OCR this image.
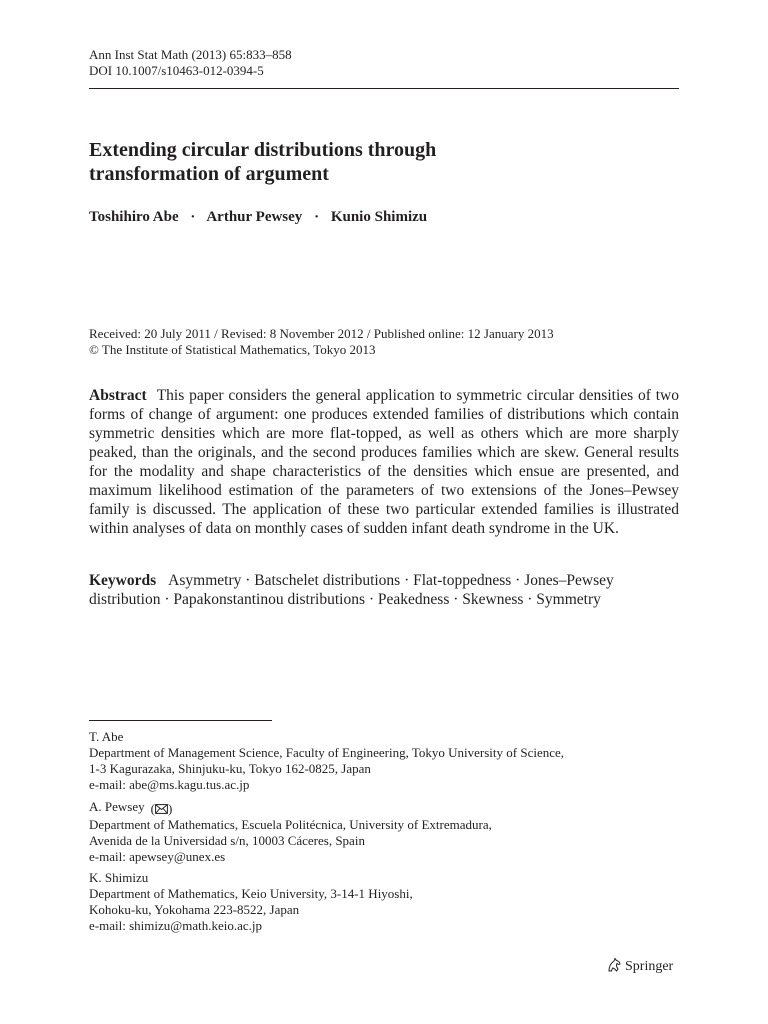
Ann Inst Stat Math (2013) 65:833–858
DOI 10.1007/s10463-012-0394-5
Extending circular distributions through
transformation of argument
Toshihiro Abe · Arthur Pewsey · Kunio Shimizu
Received: 20 July 2011 / Revised: 8 November 2012 / Published online: 12 January 2013
© The Institute of Statistical Mathematics, Tokyo 2013

Abstract This paper considers the general application to symmetric circular densities of two forms of change of argument: one produces extended families of distributions which contain symmetric densities which are more flat-topped, as well as others which are more sharply peaked, than the originals, and the second produces families which are skew. General results for the modality and shape characteristics of the densities which ensue are presented, and maximum likelihood estimation of the parameters of two extensions of the Jones–Pewsey family is discussed. The application of these two particular extended families is illustrated within analyses of data on monthly cases of sudden infant death syndrome in the UK.

Keywords Asymmetry · Batschelet distributions · Flat-toppedness · Jones–Pewsey distribution · Papakonstantinou distributions · Peakedness · Skewness · Symmetry

T. Abe
Department of Management Science, Faculty of Engineering, Tokyo University of Science,
1-3 Kagurazaka, Shinjuku-ku, Tokyo 162-0825, Japan
e-mail: abe@ms.kagu.tus.ac.jp
A. Pewsey ( )
Department of Mathematics, Escuela Politécnica, University of Extremadura,
Avenida de la Universidad s/n, 10003 Cáceres, Spain
e-mail: apewsey@unex.es
K. Shimizu
Department of Mathematics, Keio University, 3-14-1 Hiyoshi,
Kohoku-ku, Yokohama 223-8522, Japan
e-mail: shimizu@math.keio.ac.jp
Springer
